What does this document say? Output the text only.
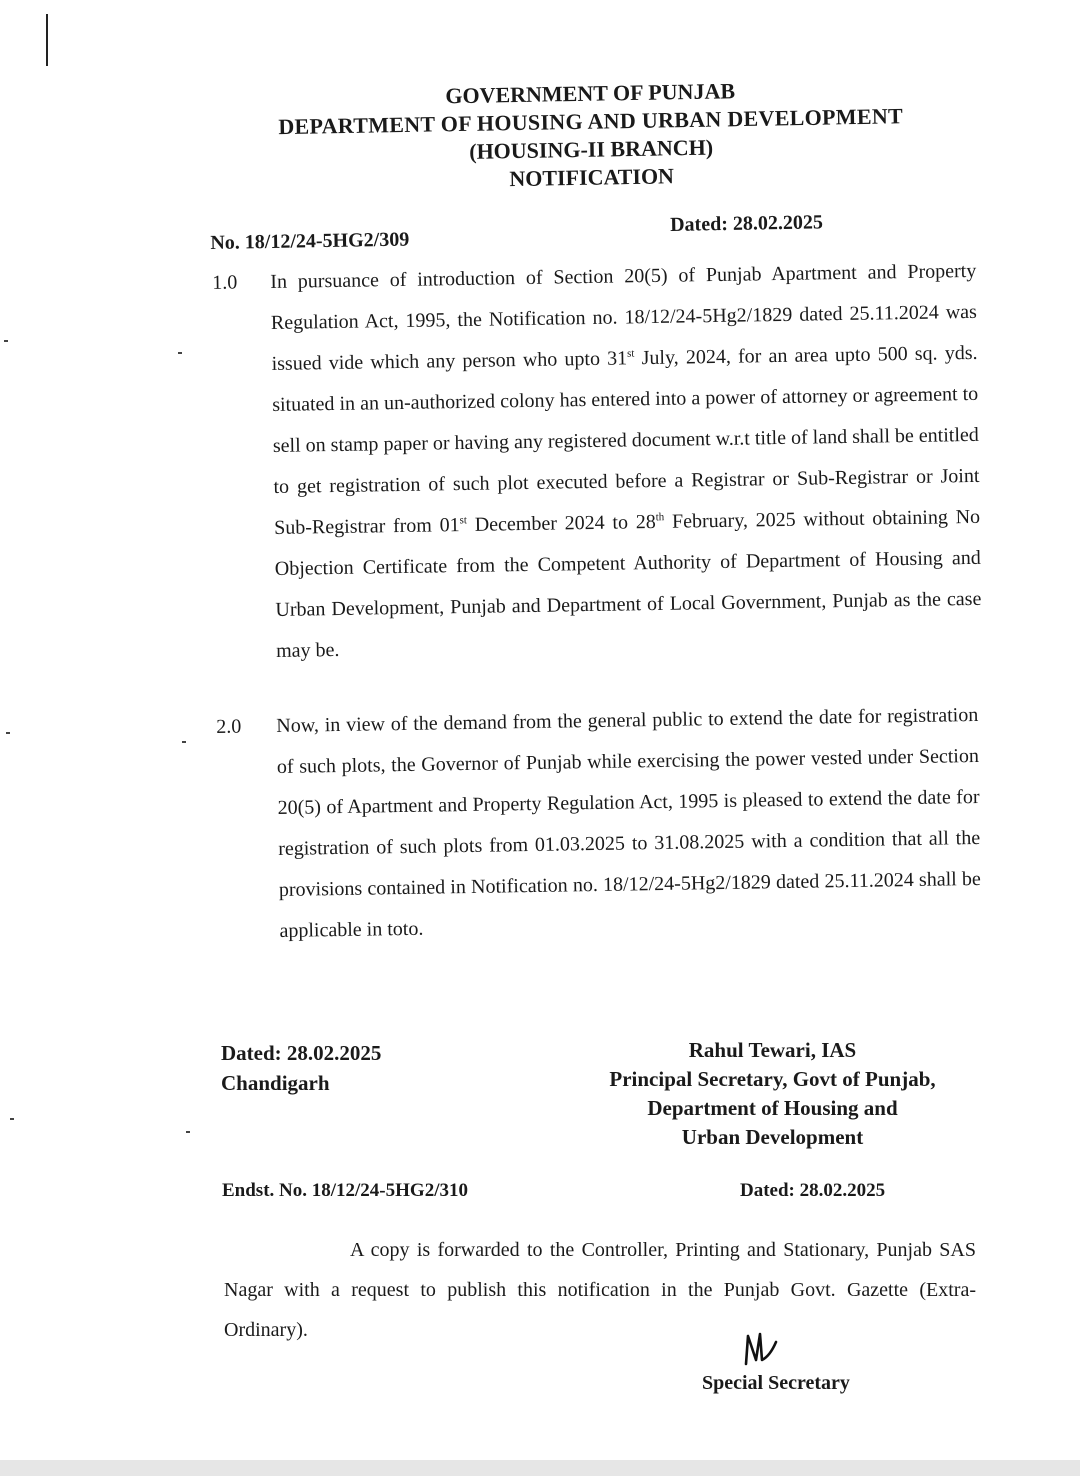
GOVERNMENT OF PUNJAB
DEPARTMENT OF HOUSING AND URBAN DEVELOPMENT
(HOUSING-II BRANCH)
NOTIFICATION
No. 18/12/24-5HG2/309
Dated: 28.02.2025
1.0 In pursuance of introduction of Section 20(5) of Punjab Apartment and Property Regulation Act, 1995, the Notification no. 18/12/24-5Hg2/1829 dated 25.11.2024 was issued vide which any person who upto 31st July, 2024, for an area upto 500 sq. yds. situated in an un-authorized colony has entered into a power of attorney or agreement to sell on stamp paper or having any registered document w.r.t title of land shall be entitled to get registration of such plot executed before a Registrar or Sub-Registrar or Joint Sub-Registrar from 01st December 2024 to 28th February, 2025 without obtaining No Objection Certificate from the Competent Authority of Department of Housing and Urban Development, Punjab and Department of Local Government, Punjab as the case may be.
2.0 Now, in view of the demand from the general public to extend the date for registration of such plots, the Governor of Punjab while exercising the power vested under Section 20(5) of Apartment and Property Regulation Act, 1995 is pleased to extend the date for registration of such plots from 01.03.2025 to 31.08.2025 with a condition that all the provisions contained in Notification no. 18/12/24-5Hg2/1829 dated 25.11.2024 shall be applicable in toto.
Dated: 28.02.2025
Chandigarh
Rahul Tewari, IAS
Principal Secretary, Govt of Punjab,
Department of Housing and
Urban Development
Endst. No. 18/12/24-5HG2/310	Dated: 28.02.2025
A copy is forwarded to the Controller, Printing and Stationary, Punjab SAS Nagar with a request to publish this notification in the Punjab Govt. Gazette (Extra-Ordinary).
Special Secretary
